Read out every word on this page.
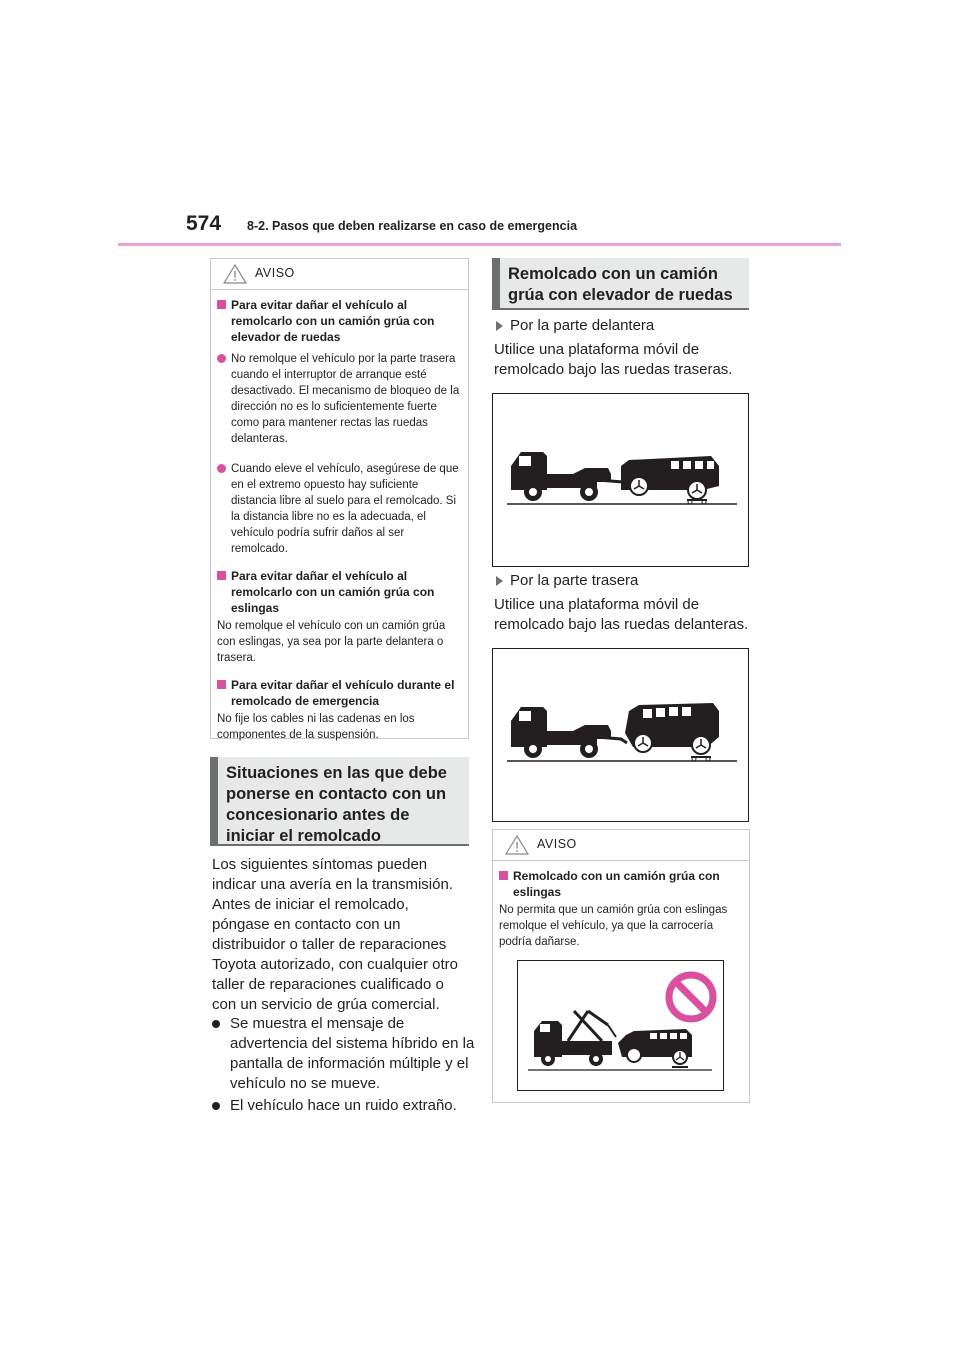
574 8-2. Pasos que deben realizarse en caso de emergencia
AVISO
Para evitar dañar el vehículo al remolcarlo con un camión grúa con elevador de ruedas
No remolque el vehículo por la parte trasera cuando el interruptor de arranque esté desactivado. El mecanismo de bloqueo de la dirección no es lo suficientemente fuerte como para mantener rectas las ruedas delanteras.
Cuando eleve el vehículo, asegúrese de que en el extremo opuesto hay suficiente distancia libre al suelo para el remolcado. Si la distancia libre no es la adecuada, el vehículo podría sufrir daños al ser remolcado.
Para evitar dañar el vehículo al remolcarlo con un camión grúa con eslingas
No remolque el vehículo con un camión grúa con eslingas, ya sea por la parte delantera o trasera.
Para evitar dañar el vehículo durante el remolcado de emergencia
No fije los cables ni las cadenas en los componentes de la suspensión.
Situaciones en las que debe ponerse en contacto con un concesionario antes de iniciar el remolcado
Los siguientes síntomas pueden indicar una avería en la transmisión. Antes de iniciar el remolcado, póngase en contacto con un distribuidor o taller de reparaciones Toyota autorizado, con cualquier otro taller de reparaciones cualificado o con un servicio de grúa comercial.
Se muestra el mensaje de advertencia del sistema híbrido en la pantalla de información múltiple y el vehículo no se mueve.
El vehículo hace un ruido extraño.
Remolcado con un camión grúa con elevador de ruedas
Por la parte delantera
Utilice una plataforma móvil de remolcado bajo las ruedas traseras.
Por la parte trasera
Utilice una plataforma móvil de remolcado bajo las ruedas delanteras.
AVISO
Remolcado con un camión grúa con eslingas
No permita que un camión grúa con eslingas remolque el vehículo, ya que la carrocería podría dañarse.
